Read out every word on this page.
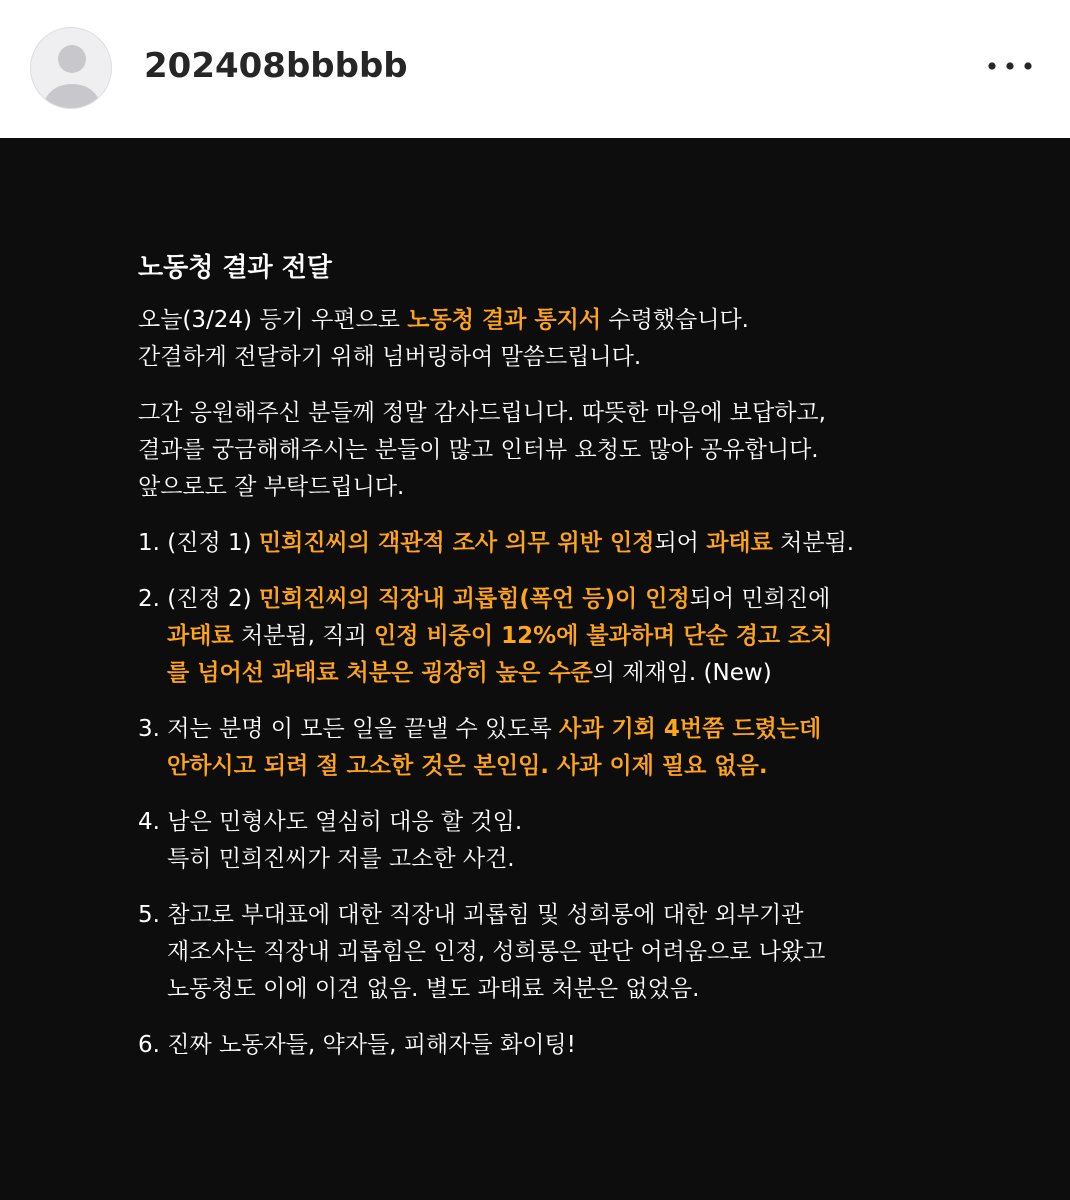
202408bbbbb
노동청 결과 전달
오늘(3/24) 등기 우편으로 노동청 결과 통지서 수령했습니다.
간결하게 전달하기 위해 넘버링하여 말씀드립니다.
그간 응원해주신 분들께 정말 감사드립니다. 따뜻한 마음에 보답하고,
결과를 궁금해해주시는 분들이 많고 인터뷰 요청도 많아 공유합니다.
앞으로도 잘 부탁드립니다.
1. (진정 1) 민희진씨의 객관적 조사 의무 위반 인정되어 과태료 처분됨.
2. (진정 2) 민희진씨의 직장내 괴롭힘(폭언 등)이 인정되어 민희진에
과태료 처분됨, 직괴 인정 비중이 12%에 불과하며 단순 경고 조치
를 넘어선 과태료 처분은 굉장히 높은 수준의 제재임. (New)
3. 저는 분명 이 모든 일을 끝낼 수 있도록 사과 기회 4번쯤 드렸는데
안하시고 되려 절 고소한 것은 본인임. 사과 이제 필요 없음.
4. 남은 민형사도 열심히 대응 할 것임.
특히 민희진씨가 저를 고소한 사건.
5. 참고로 부대표에 대한 직장내 괴롭힘 및 성희롱에 대한 외부기관
재조사는 직장내 괴롭힘은 인정, 성희롱은 판단 어려움으로 나왔고
노동청도 이에 이견 없음. 별도 과태료 처분은 없었음.
6. 진짜 노동자들, 약자들, 피해자들 화이팅!
